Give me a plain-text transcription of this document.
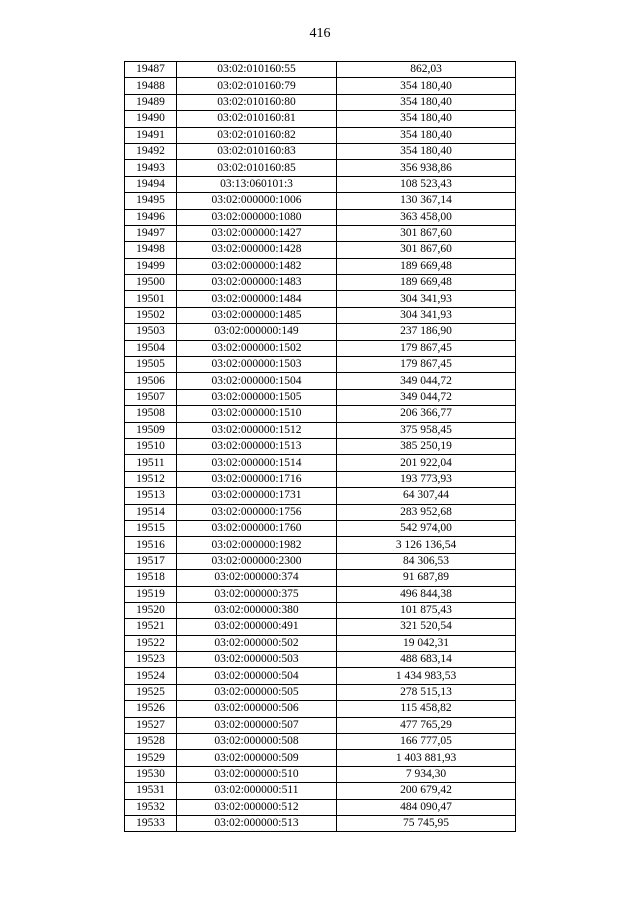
416
19487	03:02:010160:55	862,03
19488	03:02:010160:79	354 180,40
19489	03:02:010160:80	354 180,40
19490	03:02:010160:81	354 180,40
19491	03:02:010160:82	354 180,40
19492	03:02:010160:83	354 180,40
19493	03:02:010160:85	356 938,86
19494	03:13:060101:3	108 523,43
19495	03:02:000000:1006	130 367,14
19496	03:02:000000:1080	363 458,00
19497	03:02:000000:1427	301 867,60
19498	03:02:000000:1428	301 867,60
19499	03:02:000000:1482	189 669,48
19500	03:02:000000:1483	189 669,48
19501	03:02:000000:1484	304 341,93
19502	03:02:000000:1485	304 341,93
19503	03:02:000000:149	237 186,90
19504	03:02:000000:1502	179 867,45
19505	03:02:000000:1503	179 867,45
19506	03:02:000000:1504	349 044,72
19507	03:02:000000:1505	349 044,72
19508	03:02:000000:1510	206 366,77
19509	03:02:000000:1512	375 958,45
19510	03:02:000000:1513	385 250,19
19511	03:02:000000:1514	201 922,04
19512	03:02:000000:1716	193 773,93
19513	03:02:000000:1731	64 307,44
19514	03:02:000000:1756	283 952,68
19515	03:02:000000:1760	542 974,00
19516	03:02:000000:1982	3 126 136,54
19517	03:02:000000:2300	84 306,53
19518	03:02:000000:374	91 687,89
19519	03:02:000000:375	496 844,38
19520	03:02:000000:380	101 875,43
19521	03:02:000000:491	321 520,54
19522	03:02:000000:502	19 042,31
19523	03:02:000000:503	488 683,14
19524	03:02:000000:504	1 434 983,53
19525	03:02:000000:505	278 515,13
19526	03:02:000000:506	115 458,82
19527	03:02:000000:507	477 765,29
19528	03:02:000000:508	166 777,05
19529	03:02:000000:509	1 403 881,93
19530	03:02:000000:510	7 934,30
19531	03:02:000000:511	200 679,42
19532	03:02:000000:512	484 090,47
19533	03:02:000000:513	75 745,95
